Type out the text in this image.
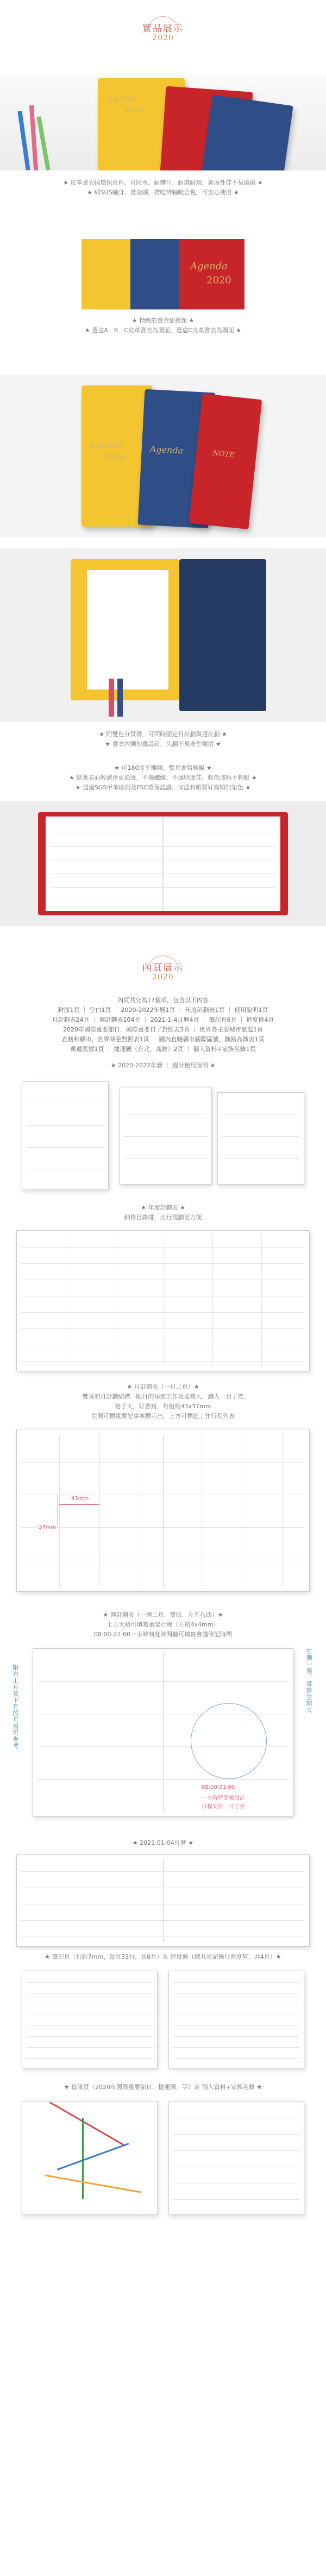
實品展示
2020
Agenda
2020
★ 皮革書衣採環保皮料，可防水、耐髒汙，耐磨耐刮，延展性佳不易破損 ★
★ 細SUS軸身．燙金刷，帶吃辨軸吸合視，可安心使用 ★
Agenda
2020
★ 精緻的燙金加標題 ★
★ 選這A．B．C皮革書衣為圖面，選這C皮革書衣為圖面 ★
Agenda
2020
Agenda	NOTE
★ 附雙色分頁帶，可同時固定月計劃與週計劃 ★
★ 書衣內側加寬設計，久翻不易產生翹摺 ★
★ 可180度平攤開，雙頁書寫無礙 ★
★ 紙張表面較潔淨更通透，不傷纖維，不透明度佳，輕色淺粉不刺眼 ★
★ 通過SGS甲苯檢測及FSC環保認證，又溫和紙質好寫順無染色 ★
內頁展示
2020
內頁共分為17個項，包含以下內容
封面1頁 ｜ 空白1頁 ｜ 2020-2022年曆1頁 ｜ 年度計劃表1頁 ｜ 使用說明1頁
月計劃表24頁 ｜ 週計劃表104頁 ｜ 2021-1-4月曆4頁 ｜ 筆記頁6頁 ｜ 進度條4頁
2020年國際重要節日．國際重要日子對照表3頁 ｜ 世界各主要城市氣溫1頁
直轄和縣市，世界時差對照表1頁 ｜ 國內直轄縣市國際區號，鐵路高鐵表1頁
郵遞區號1頁 ｜ 捷運圖（台北、高雄）2頁 ｜ 個人資料+家族名錄1頁
★ 2020-2022年曆 ｜ 週計使用說明 ★
★ 年度計劃表 ★
細格目錄排，出行規劃更方便
★ 月計劃表（一月二頁）★
雙頁的月計劃結構一眼月的預定工作及要寫入，讓人一目了然
格子大，好書寫，每格約43x37mm
左側可標重要記事案標示出，上方可標記工作行程列表
43mm
37mm
★ 週計劃表（一週二頁．雙版．左五右四）★
上方大格可填寫重要行程（方格4x4mm）
08:00-21:00一小時刻度時間軸可填寫會議等記時間
附有上月及下月的月曆可參考	右側一週，書寫空間大
08:00-21:00
一小時時間軸設計
行程安排一目了然
★ 2021.01-04月曆 ★
★ 筆記頁（行距7mm，每頁33行，共6頁）＆ 進度條（總共可記錄行進度值，共4頁）★
★ 資訊頁（2020年國際重要節日．捷運圖．等）＆ 個人資料+家族名錄 ★
